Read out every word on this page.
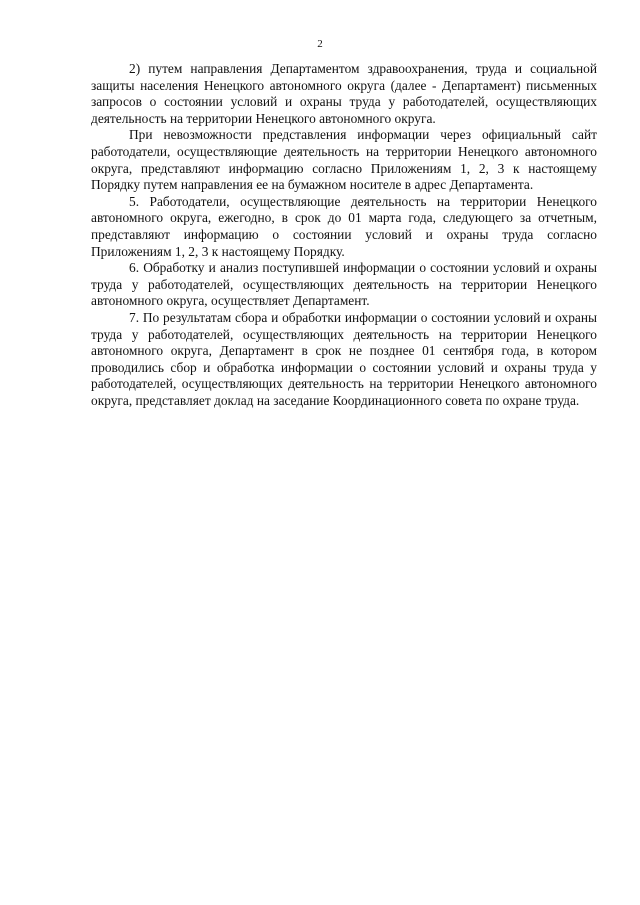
2

2) путем направления Департаментом здравоохранения, труда и социальной защиты населения Ненецкого автономного округа (далее - Департамент) письменных запросов о состоянии условий и охраны труда у работодателей, осуществляющих деятельность на территории Ненецкого автономного округа.

При невозможности представления информации через официальный сайт работодатели, осуществляющие деятельность на территории Ненецкого автономного округа, представляют информацию согласно Приложениям 1, 2, 3 к настоящему Порядку путем направления ее на бумажном носителе в адрес Департамента.

5. Работодатели, осуществляющие деятельность на территории Ненецкого автономного округа, ежегодно, в срок до 01 марта года, следующего за отчетным, представляют информацию о состоянии условий и охраны труда согласно Приложениям 1, 2, 3 к настоящему Порядку.

6. Обработку и анализ поступившей информации о состоянии условий и охраны труда у работодателей, осуществляющих деятельность на территории Ненецкого автономного округа, осуществляет Департамент.

7. По результатам сбора и обработки информации о состоянии условий и охраны труда у работодателей, осуществляющих деятельность на территории Ненецкого автономного округа, Департамент в срок не позднее 01 сентября года, в котором проводились сбор и обработка информации о состоянии условий и охраны труда у работодателей, осуществляющих деятельность на территории Ненецкого автономного округа, представляет доклад на заседание Координационного совета по охране труда.
